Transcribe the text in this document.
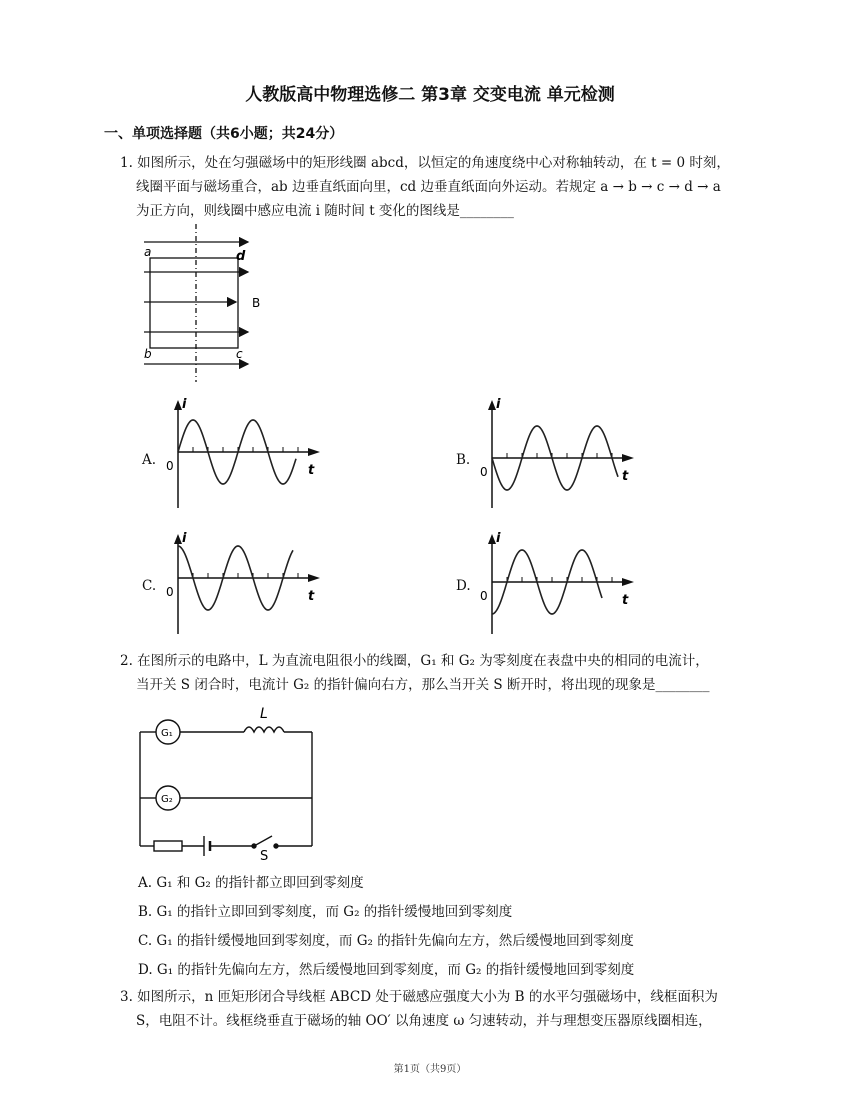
人教版高中物理选修二 第3章 交变电流 单元检测
一、单项选择题（共6小题；共24分）
1. 如图所示，处在匀强磁场中的矩形线圈 abcd，以恒定的角速度绕中心对称轴转动，在 t = 0 时刻，

线圈平面与磁场重合，ab 边垂直纸面向里，cd 边垂直纸面向外运动。若规定 a → b → c → d → a
为正方向，则线圈中感应电流 i 随时间 t 变化的图线是________
a	d
B
b	c
A.	B.
C.	D.
i
t
0
i
t
0
i
t
0
i
t
0
2. 在图所示的电路中，L 为直流电阻很小的线圈，G₁ 和 G₂ 为零刻度在表盘中央的相同的电流计，

当开关 S 闭合时，电流计 G₂ 的指针偏向右方，那么当开关 S 断开时，将出现的现象是________
G₁
G₂
L
S
A. G₁ 和 G₂ 的指针都立即回到零刻度
B. G₁ 的指针立即回到零刻度，而 G₂ 的指针缓慢地回到零刻度
C. G₁ 的指针缓慢地回到零刻度，而 G₂ 的指针先偏向左方，然后缓慢地回到零刻度
D. G₁ 的指针先偏向左方，然后缓慢地回到零刻度，而 G₂ 的指针缓慢地回到零刻度
3. 如图所示，n 匝矩形闭合导线框 ABCD 处于磁感应强度大小为 B 的水平匀强磁场中，线框面积为

S，电阻不计。线框绕垂直于磁场的轴 OO′ 以角速度 ω 匀速转动，并与理想变压器原线圈相连，
第1页（共9页）
